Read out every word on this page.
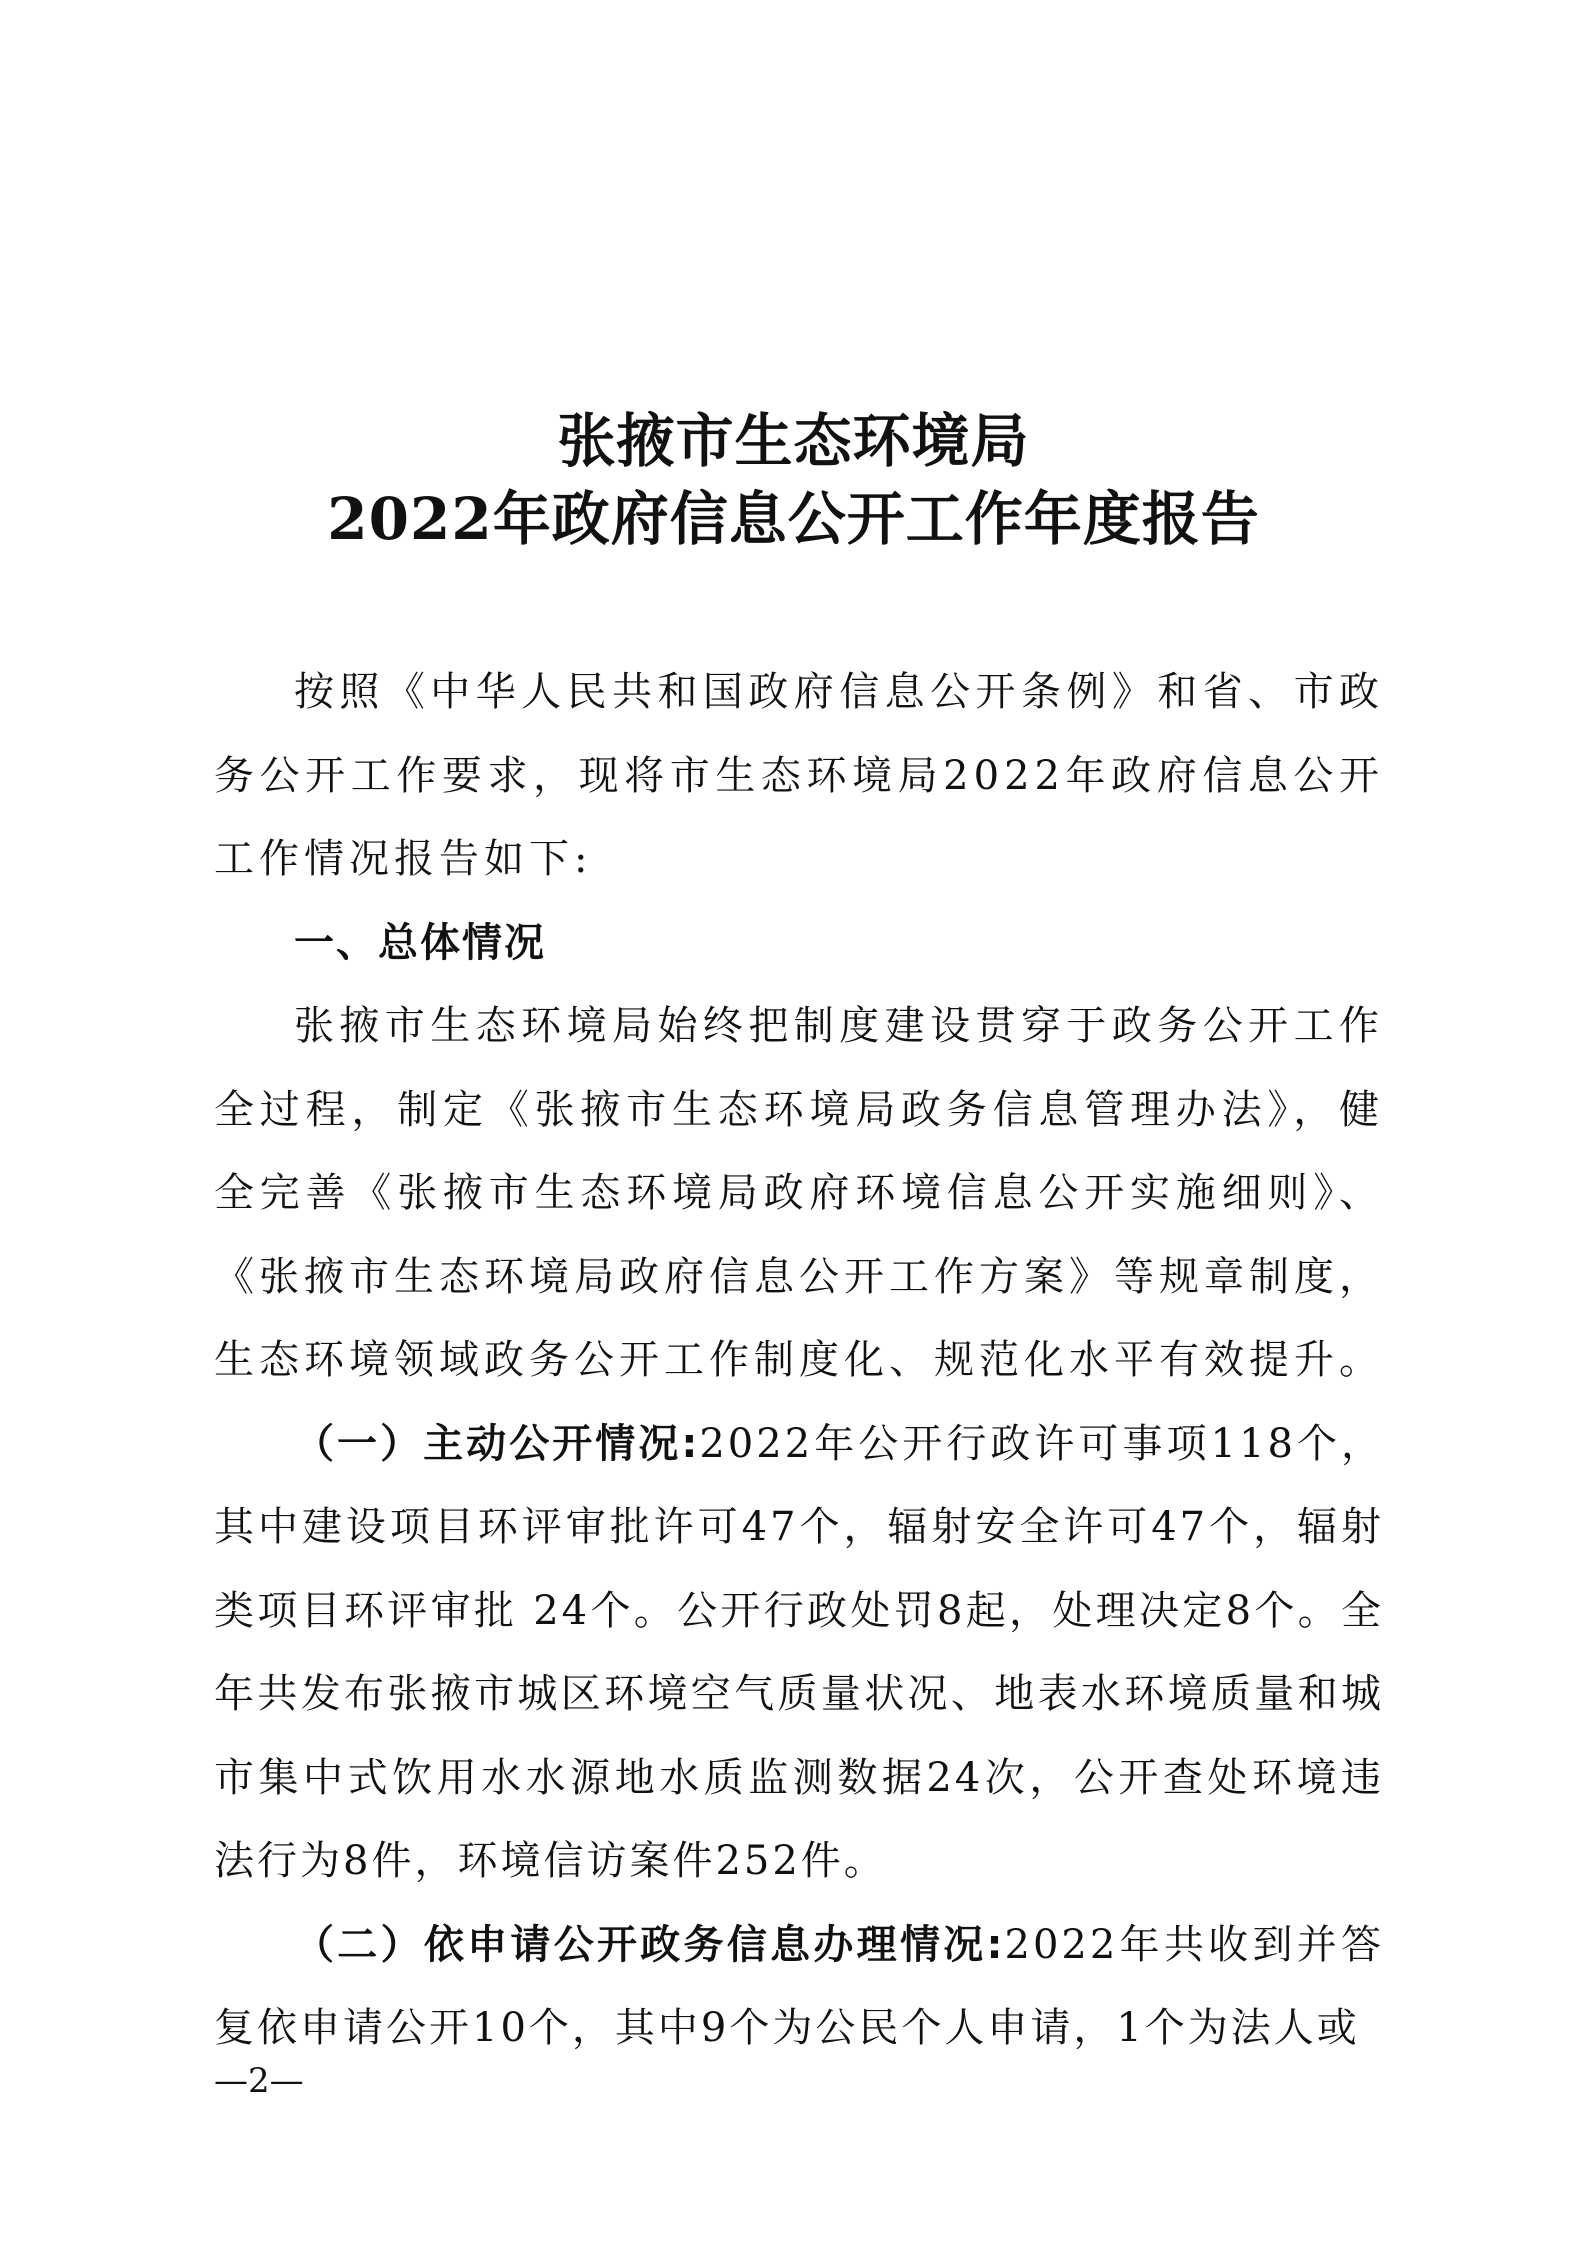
张掖市生态环境局
2022年政府信息公开工作年度报告

按照《中华人民共和国政府信息公开条例》和省、市政务公开工作要求，现将市生态环境局2022年政府信息公开工作情况报告如下:

一、总体情况

张掖市生态环境局始终把制度建设贯穿于政务公开工作全过程，制定《张掖市生态环境局政务信息管理办法》，健全完善《张掖市生态环境局政府环境信息公开实施细则》、《张掖市生态环境局政府信息公开工作方案》等规章制度，生态环境领域政务公开工作制度化、规范化水平有效提升。

（一）主动公开情况:2022年公开行政许可事项118个，其中建设项目环评审批许可47个，辐射安全许可47个，辐射类项目环评审批 24个。公开行政处罚8起，处理决定8个。全年共发布张掖市城区环境空气质量状况、地表水环境质量和城市集中式饮用水水源地水质监测数据24次，公开查处环境违法行为8件，环境信访案件252件。

（二）依申请公开政务信息办理情况:2022年共收到并答复依申请公开10个，其中9个为公民个人申请，1个为法人或

—2—
